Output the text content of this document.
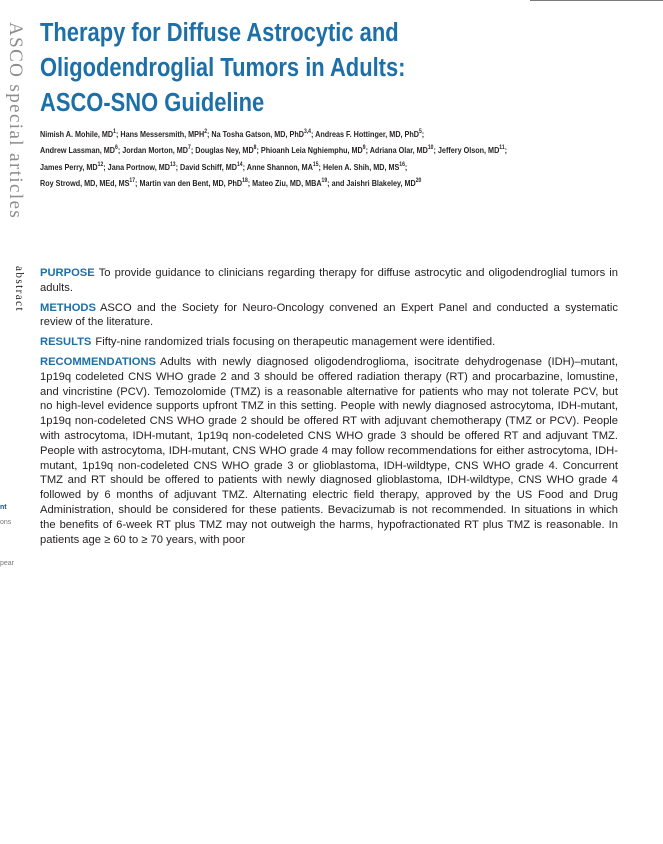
ASCO special articles
abstract
Therapy for Diffuse Astrocytic and
Oligodendroglial Tumors in Adults:
ASCO-SNO Guideline
Nimish A. Mohile, $MD^1$; Hans Messersmith, MPH$^2$; Na Tosha Gatson, MD, PhD$^{3,4}$; Andreas F. Hottinger, MD, PhD$^5$;
Andrew Lassman, $MD^6$; Jordan Morton, $MD^7$; Douglas Ney, $MD^8$; Phioanh Leia Nghiemphu, $MD^9$; Adriana Olar, MD$^{10}$; Jeffery Olson, MD$^{11}$;
James Perry, MD$^{12}$; Jana Portnow, MD$^{13}$; David Schiff, MD$^{14}$; Anne Shannon, MA$^{15}$; Helen A. Shih, MD, MS$^{16}$;
Roy Strowd, MD, MEd, MS$^{17}$; Martin van den Bent, MD, PhD$^{18}$; Mateo Ziu, MD, MBA$^{19}$; and Jaishri Blakeley, MD$^{20}$

PURPOSE To provide guidance to clinicians regarding therapy for diffuse astrocytic and oligodendroglial tumors in adults.

METHODS ASCO and the Society for Neuro-Oncology convened an Expert Panel and conducted a systematic review of the literature.

RESULTS Fifty-nine randomized trials focusing on therapeutic management were identified.

RECOMMENDATIONS Adults with newly diagnosed oligodendroglioma, isocitrate dehydrogenase (IDH)–mutant, 1p19q codeleted CNS WHO grade 2 and 3 should be offered radiation therapy (RT) and procarbazine, lomustine, and vincristine (PCV). Temozolomide (TMZ) is a reasonable alternative for patients who may not tolerate PCV, but no high-level evidence supports upfront TMZ in this setting. People with newly diagnosed astrocytoma, IDH-mutant, 1p19q non-codeleted CNS WHO grade 2 should be offered RT with adjuvant chemotherapy (TMZ or PCV). People with astrocytoma, IDH-mutant, 1p19q non-codeleted CNS WHO grade 3 should be offered RT and adjuvant TMZ. People with astrocytoma, IDH-mutant, CNS WHO grade 4 may follow recommendations for either astrocytoma, IDH-mutant, 1p19q non-codeleted CNS WHO grade 3 or glioblastoma, IDH-wildtype, CNS WHO grade 4. Concurrent TMZ and RT should be offered to patients with newly diagnosed glioblastoma, IDH-wildtype, CNS WHO grade 4 followed by 6 months of adjuvant TMZ. Alternating electric field therapy, approved by the US Food and Drug Administration, should be considered for these patients. Bevacizumab is not recommended. In situations in which the benefits of 6-week RT plus TMZ may not outweigh the harms, hypofractionated RT plus TMZ is reasonable. In patients age ≥ 60 to ≥ 70 years, with poor

nt
ons
pear
